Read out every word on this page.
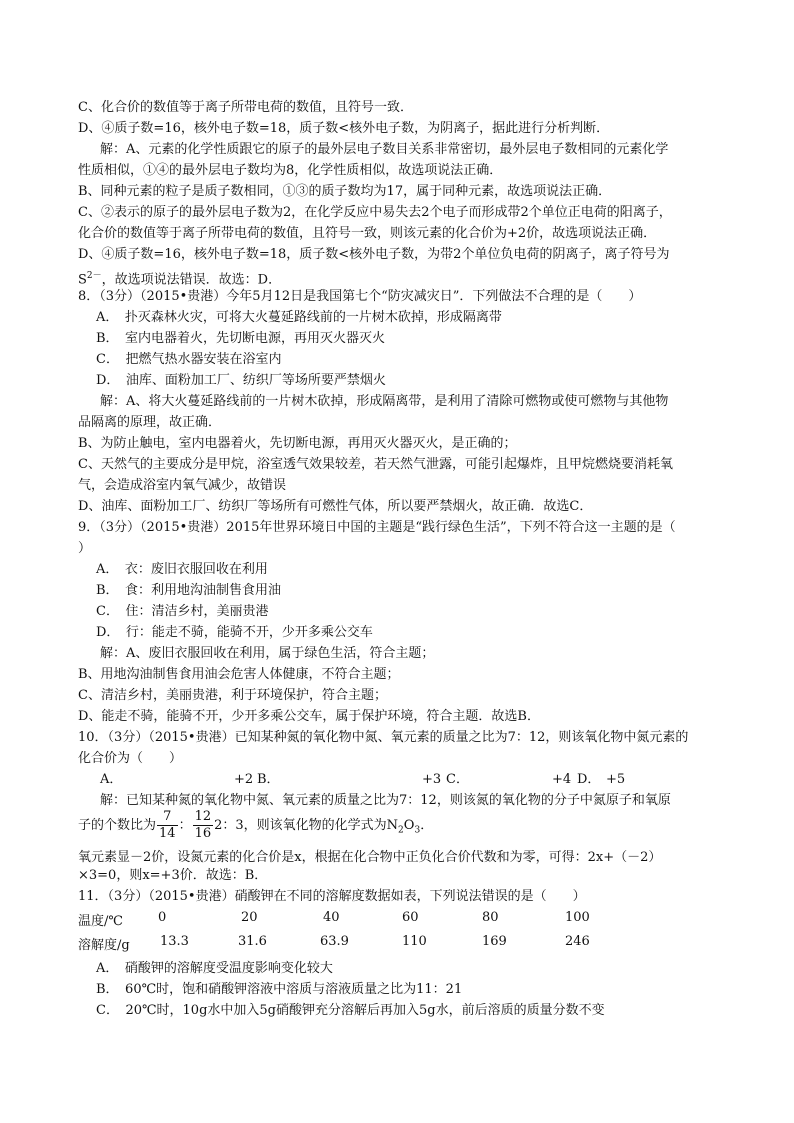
C、化合价的数值等于离子所带电荷的数值，且符号一致．
D、④质子数=16，核外电子数=18，质子数<核外电子数，为阴离子，据此进行分析判断．
解：A、元素的化学性质跟它的原子的最外层电子数目关系非常密切，最外层电子数相同的元素化学
性质相似，①④的最外层电子数均为8，化学性质相似，故选项说法正确．
B、同种元素的粒子是质子数相同，①③的质子数均为17，属于同种元素，故选项说法正确．
C、②表示的原子的最外层电子数为2，在化学反应中易失去2个电子而形成带2个单位正电荷的阳离子，
化合价的数值等于离子所带电荷的数值，且符号一致，则该元素的化合价为+2价，故选项说法正确．
D、④质子数=16，核外电子数=18，质子数<核外电子数，为带2个单位负电荷的阴离子，离子符号为
$S^{2-}$，故选项说法错误．故选：D．
8．（3分）（2015•贵港）今年5月12日是我国第七个“防灾减灾日”．下列做法不合理的是（　　）
A．　扑灭森林火灾，可将大火蔓延路线前的一片树木砍掉，形成隔离带
B．　室内电器着火，先切断电源，再用灭火器灭火
C．　把燃气热水器安装在浴室内
D．　油库、面粉加工厂、纺织厂等场所要严禁烟火
解：A、将大火蔓延路线前的一片树木砍掉，形成隔离带，是利用了清除可燃物或使可燃物与其他物
品隔离的原理，故正确．
B、为防止触电，室内电器着火，先切断电源，再用灭火器灭火，是正确的；
C、天然气的主要成分是甲烷，浴室透气效果较差，若天然气泄露，可能引起爆炸，且甲烷燃烧要消耗氧
气，会造成浴室内氧气减少，故错误
D、油库、面粉加工厂、纺织厂等场所有可燃性气体，所以要严禁烟火，故正确．故选C．
9．（3分）（2015•贵港）2015年世界环境日中国的主题是“践行绿色生活”，下列不符合这一主题的是（
）
A．　衣：废旧衣服回收在利用
B．　食：利用地沟油制售食用油
C．　住：清洁乡村，美丽贵港
D．　行：能走不骑，能骑不开，少开多乘公交车
解：A、废旧衣服回收在利用，属于绿色生活，符合主题；
B、用地沟油制售食用油会危害人体健康，不符合主题；
C、清洁乡村，美丽贵港，利于环境保护，符合主题；
D、能走不骑，能骑不开，少开多乘公交车，属于保护环境，符合主题．故选B．
10．（3分）（2015•贵港）已知某种氮的氧化物中氮、氧元素的质量之比为7：12，则该氧化物中氮元素的
化合价为（　　）
A．	+2 B．	+3 C．	+4 D． +5
解：已知某种氮的氧化物中氮、氧元素的质量之比为7：12，则该氮的氧化物的分子中氮原子和氧原
子的个数比为 $\frac{7}{14}$ ： $\frac{12}{16} 2$：3，则该氧化物的化学式为$N_2O_3$．
氧元素显－2价，设氮元素的化合价是x，根据在化合物中正负化合价代数和为零，可得：2x+（－2）
×3=0，则x=+3价．故选：B．
11．（3分）（2015•贵港）硝酸钾在不同的溶解度数据如表，下列说法错误的是（　　）
温度/℃	0	20	40	60	80	100
溶解度/g 13.3	31.6	63.9	110	169	246
A．　硝酸钾的溶解度受温度影响变化较大
B．　60℃时，饱和硝酸钾溶液中溶质与溶液质量之比为11：21
C．　20℃时，10g水中加入5g硝酸钾充分溶解后再加入5g水，前后溶质的质量分数不变
